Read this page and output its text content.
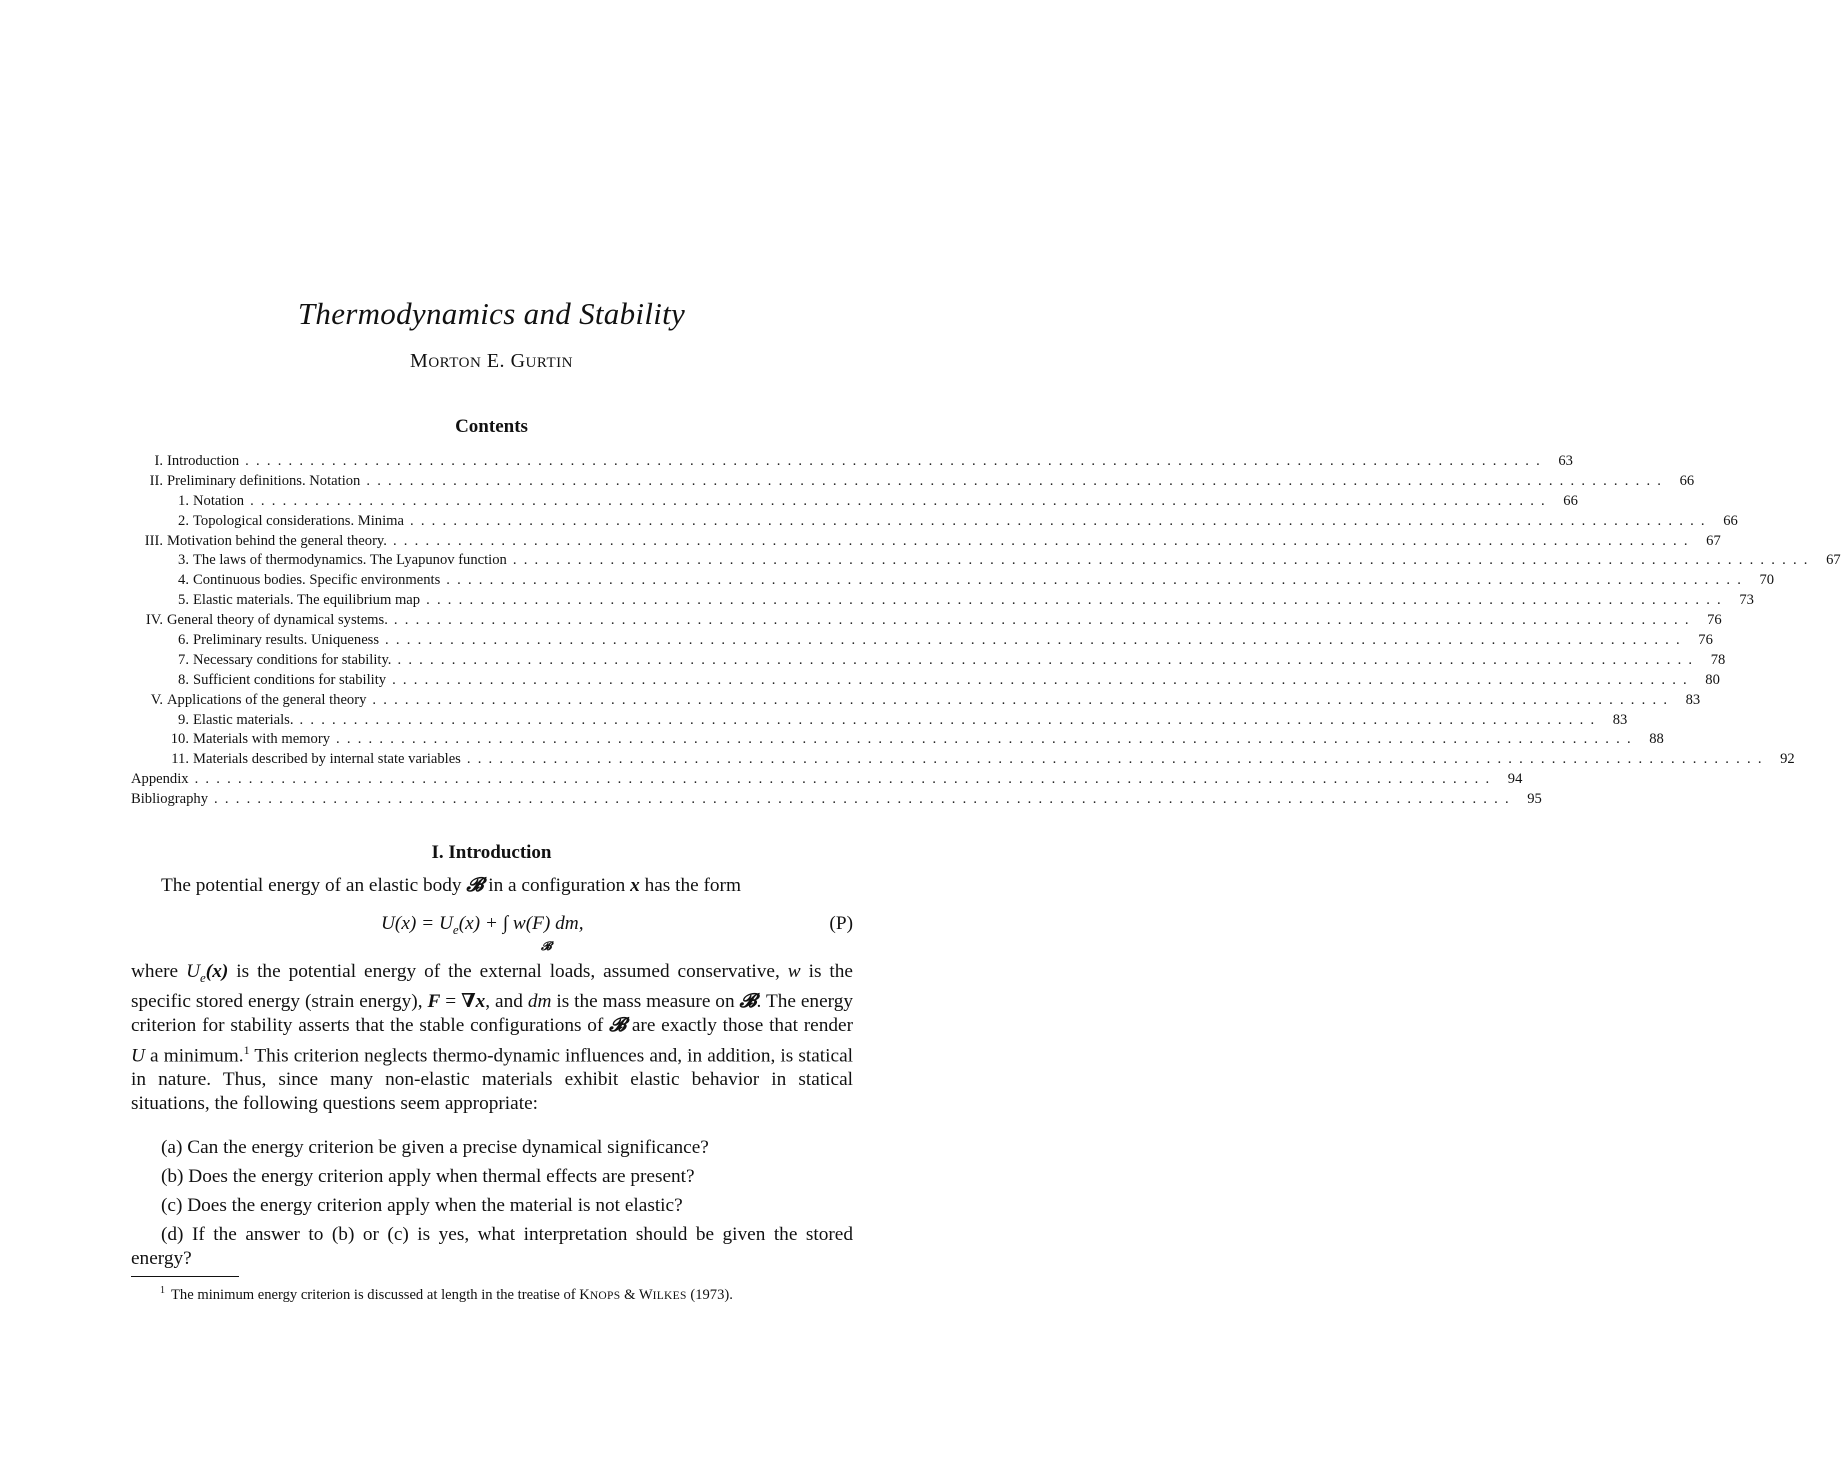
Thermodynamics and Stability
MORTON E. GURTIN
Contents
I. Introduction ........................................................................................................................ 63
II. Preliminary definitions. Notation ........................................................................................................................ 66
1. Notation ........................................................................................................................ 66
2. Topological considerations. Minima ........................................................................................................................ 66
III. Motivation behind the general theory. ........................................................................................................................ 67
3. The laws of thermodynamics. The Lyapunov function ........................................................................................................................ 67
4. Continuous bodies. Specific environments ........................................................................................................................ 70
5. Elastic materials. The equilibrium map ........................................................................................................................ 73
IV. General theory of dynamical systems. ........................................................................................................................ 76
6. Preliminary results. Uniqueness ........................................................................................................................ 76
7. Necessary conditions for stability. ........................................................................................................................ 78
8. Sufficient conditions for stability ........................................................................................................................ 80
V. Applications of the general theory ........................................................................................................................ 83
9. Elastic materials. ........................................................................................................................ 83
10. Materials with memory ........................................................................................................................ 88
11. Materials described by internal state variables ........................................................................................................................ 92
Appendix ........................................................................................................................ 94
Bibliography ........................................................................................................................ 95
I. Introduction
The potential energy of an elastic body 𝓑 in a configuration x has the form
$U(x) = U_e(x)$ + ∫ w(F) dm,
𝓑
(P)
where $U_e(x)$ is the potential energy of the external loads, assumed conservative, w is the specific stored energy (strain energy), F = ∇x, and dm is the mass measure on 𝓑. The energy criterion for stability asserts that the stable configurations of 𝓑 are exactly those that render U a minimum.$^1$ This criterion neglects thermo-dynamic influences and, in addition, is statical in nature. Thus, since many non-elastic materials exhibit elastic behavior in statical situations, the following questions seem appropriate:
(a) Can the energy criterion be given a precise dynamical significance?
(b) Does the energy criterion apply when thermal effects are present?
(c) Does the energy criterion apply when the material is not elastic?
(d) If the answer to (b) or (c) is yes, what interpretation should be given the stored energy?
$^1$ The minimum energy criterion is discussed at length in the treatise of KNOPS & WILKES (1973).
